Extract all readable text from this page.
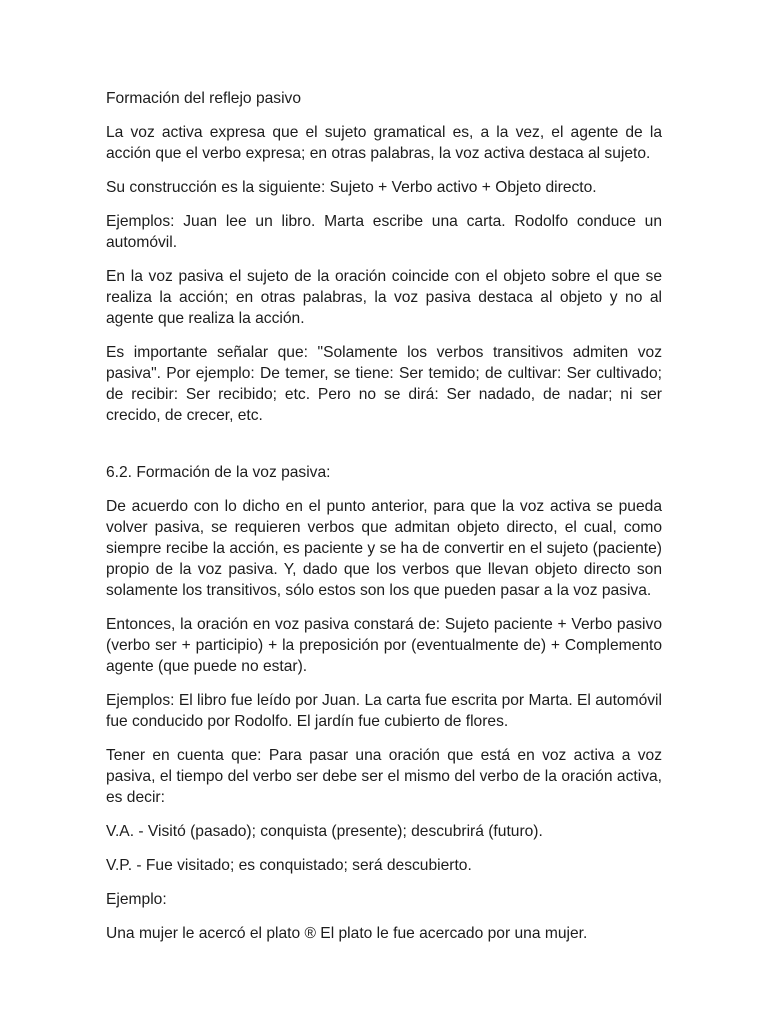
Formación del reflejo pasivo

La voz activa expresa que el sujeto gramatical es, a la vez, el agente de la acción que el verbo expresa; en otras palabras, la voz activa destaca al sujeto.

Su construcción es la siguiente: Sujeto + Verbo activo + Objeto directo.

Ejemplos: Juan lee un libro. Marta escribe una carta. Rodolfo conduce un automóvil.

En la voz pasiva el sujeto de la oración coincide con el objeto sobre el que se realiza la acción; en otras palabras, la voz pasiva destaca al objeto y no al agente que realiza la acción.

Es importante señalar que: "Solamente los verbos transitivos admiten voz pasiva". Por ejemplo: De temer, se tiene: Ser temido; de cultivar: Ser cultivado; de recibir: Ser recibido; etc. Pero no se dirá: Ser nadado, de nadar; ni ser crecido, de crecer, etc.

6.2. Formación de la voz pasiva:

De acuerdo con lo dicho en el punto anterior, para que la voz activa se pueda volver pasiva, se requieren verbos que admitan objeto directo, el cual, como siempre recibe la acción, es paciente y se ha de convertir en el sujeto (paciente) propio de la voz pasiva. Y, dado que los verbos que llevan objeto directo son solamente los transitivos, sólo estos son los que pueden pasar a la voz pasiva.

Entonces, la oración en voz pasiva constará de: Sujeto paciente + Verbo pasivo (verbo ser + participio) + la preposición por (eventualmente de) + Complemento agente (que puede no estar).

Ejemplos: El libro fue leído por Juan. La carta fue escrita por Marta. El automóvil fue conducido por Rodolfo. El jardín fue cubierto de flores.

Tener en cuenta que: Para pasar una oración que está en voz activa a voz pasiva, el tiempo del verbo ser debe ser el mismo del verbo de la oración activa, es decir:

V.A. - Visitó (pasado); conquista (presente); descubrirá (futuro).

V.P. - Fue visitado; es conquistado; será descubierto.

Ejemplo:

Una mujer le acercó el plato ® El plato le fue acercado por una mujer.
